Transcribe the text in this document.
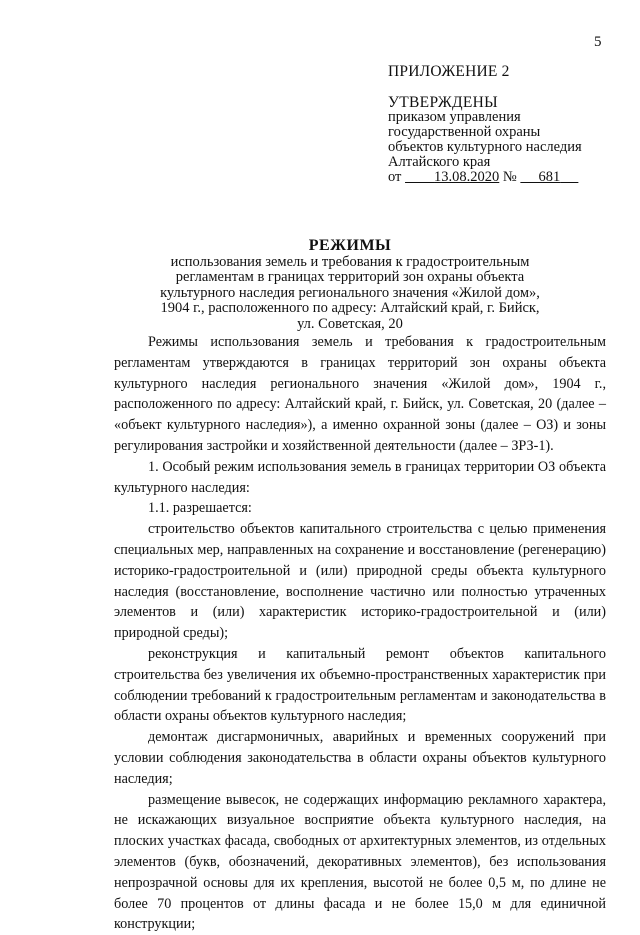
5
ПРИЛОЖЕНИЕ 2
УТВЕРЖДЕНЫ
приказом управления
государственной охраны
объектов культурного наследия
Алтайского края
от 13.08.2020 № 681
РЕЖИМЫ
использования земель и требования к градостроительным
регламентам в границах территорий зон охраны объекта
культурного наследия регионального значения «Жилой дом»,
1904 г., расположенного по адресу: Алтайский край, г. Бийск,
ул. Советская, 20

Режимы использования земель и требования к градостроительным регламентам утверждаются в границах территорий зон охраны объекта культурного наследия регионального значения «Жилой дом», 1904 г., расположенного по адресу: Алтайский край, г. Бийск, ул. Советская, 20 (далее – «объект культурного наследия»), а именно охранной зоны (далее – ОЗ) и зоны регулирования застройки и хозяйственной деятельности (далее – ЗРЗ-1).

1. Особый режим использования земель в границах территории ОЗ объекта культурного наследия:

1.1. разрешается:

строительство объектов капитального строительства с целью применения специальных мер, направленных на сохранение и восстановление (регенерацию) историко-градостроительной и (или) природной среды объекта культурного наследия (восстановление, восполнение частично или полностью утраченных элементов и (или) характеристик историко-градостроительной и (или) природной среды);

реконструкция и капитальный ремонт объектов капитального строительства без увеличения их объемно-пространственных характеристик при соблюдении требований к градостроительным регламентам и законодательства в области охраны объектов культурного наследия;

демонтаж дисгармоничных, аварийных и временных сооружений при условии соблюдения законодательства в области охраны объектов культурного наследия;

размещение вывесок, не содержащих информацию рекламного характера, не искажающих визуальное восприятие объекта культурного наследия, на плоских участках фасада, свободных от архитектурных элементов, из отдельных элементов (букв, обозначений, декоративных элементов), без использования непрозрачной основы для их крепления, высотой не более 0,5 м, по длине не более 70 процентов от длины фасада и не более 15,0 м для единичной конструкции;
